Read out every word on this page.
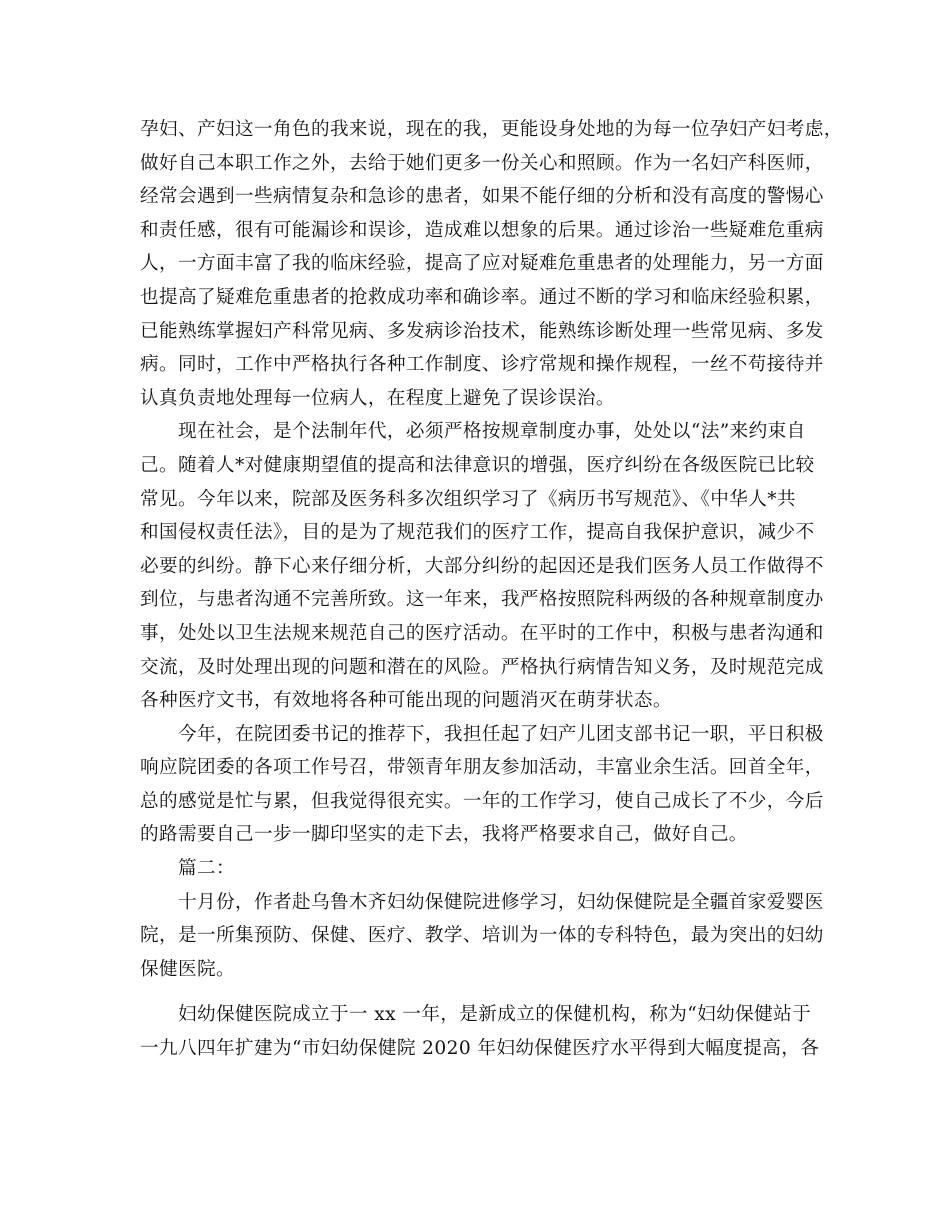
孕妇、产妇这一角色的我来说，现在的我，更能设身处地的为每一位孕妇产妇考虑，
做好自己本职工作之外，去给于她们更多一份关心和照顾。作为一名妇产科医师，
经常会遇到一些病情复杂和急诊的患者，如果不能仔细的分析和没有高度的警惕心
和责任感，很有可能漏诊和误诊，造成难以想象的后果。通过诊治一些疑难危重病
人，一方面丰富了我的临床经验，提高了应对疑难危重患者的处理能力，另一方面
也提高了疑难危重患者的抢救成功率和确诊率。通过不断的学习和临床经验积累，
已能熟练掌握妇产科常见病、多发病诊治技术，能熟练诊断处理一些常见病、多发
病。同时，工作中严格执行各种工作制度、诊疗常规和操作规程，一丝不苟接待并
认真负责地处理每一位病人，在程度上避免了误诊误治。
　　现在社会，是个法制年代，必须严格按规章制度办事，处处以“法”来约束自
己。随着人*对健康期望值的提高和法律意识的增强，医疗纠纷在各级医院已比较
常见。今年以来，院部及医务科多次组织学习了《病历书写规范》、《中华人*共
和国侵权责任法》，目的是为了规范我们的医疗工作，提高自我保护意识，减少不
必要的纠纷。静下心来仔细分析，大部分纠纷的起因还是我们医务人员工作做得不
到位，与患者沟通不完善所致。这一年来，我严格按照院科两级的各种规章制度办
事，处处以卫生法规来规范自己的医疗活动。在平时的工作中，积极与患者沟通和
交流，及时处理出现的问题和潜在的风险。严格执行病情告知义务，及时规范完成
各种医疗文书，有效地将各种可能出现的问题消灭在萌芽状态。
　　今年，在院团委书记的推荐下，我担任起了妇产儿团支部书记一职，平日积极
响应院团委的各项工作号召，带领青年朋友参加活动，丰富业余生活。回首全年，
总的感觉是忙与累，但我觉得很充实。一年的工作学习，使自己成长了不少，今后
的路需要自己一步一脚印坚实的走下去，我将严格要求自己，做好自己。
　　篇二：
　　十月份，作者赴乌鲁木齐妇幼保健院进修学习，妇幼保健院是全疆首家爱婴医
院，是一所集预防、保健、医疗、教学、培训为一体的专科特色，最为突出的妇幼
保健医院。
　　妇幼保健医院成立于一 xx 一年，是新成立的保健机构，称为“妇幼保健站于
一九八四年扩建为“市妇幼保健院 2020 年妇幼保健医疗水平得到大幅度提高，各
